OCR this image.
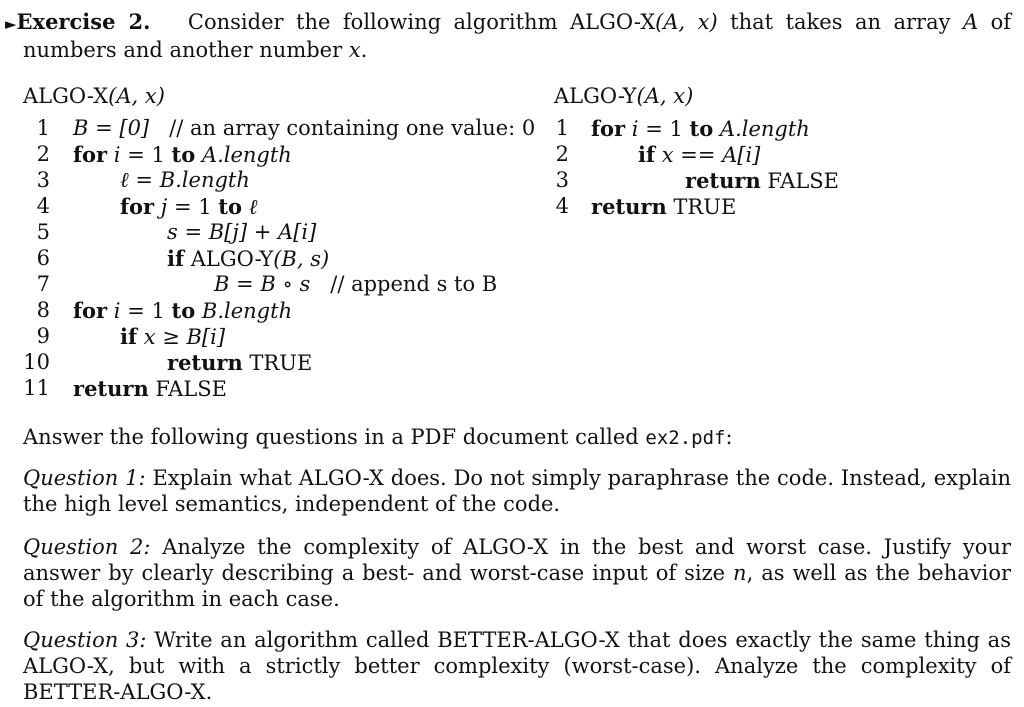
►Exercise 2. Consider the following algorithm ALGO-X(A, x) that takes an array A of numbers and another number x.
ALGO-X(A, x)
1 B = [0] // an array containing one value: 0
2 for i = 1 to A.length
3	ℓ = B.length
4	for j = 1 to ℓ
5	s = B[j] + A[i]
6	if ALGO-Y(B, s)
7	B = B ∘ s // append s to B
8 for i = 1 to B.length
9	if x ≥ B[i]
10	return TRUE
11 return FALSE
ALGO-Y(A, x)
1 for i = 1 to A.length
2	if x == A[i]
3	return FALSE
4 return TRUE
Answer the following questions in a PDF document called ex2.pdf:
Question 1: Explain what ALGO-X does. Do not simply paraphrase the code. Instead, explain the high level semantics, independent of the code.
Question 2: Analyze the complexity of ALGO-X in the best and worst case. Justify your answer by clearly describing a best- and worst-case input of size n, as well as the behavior of the algorithm in each case.
Question 3: Write an algorithm called BETTER-ALGO-X that does exactly the same thing as ALGO-X, but with a strictly better complexity (worst-case). Analyze the complexity of BETTER-ALGO-X.
